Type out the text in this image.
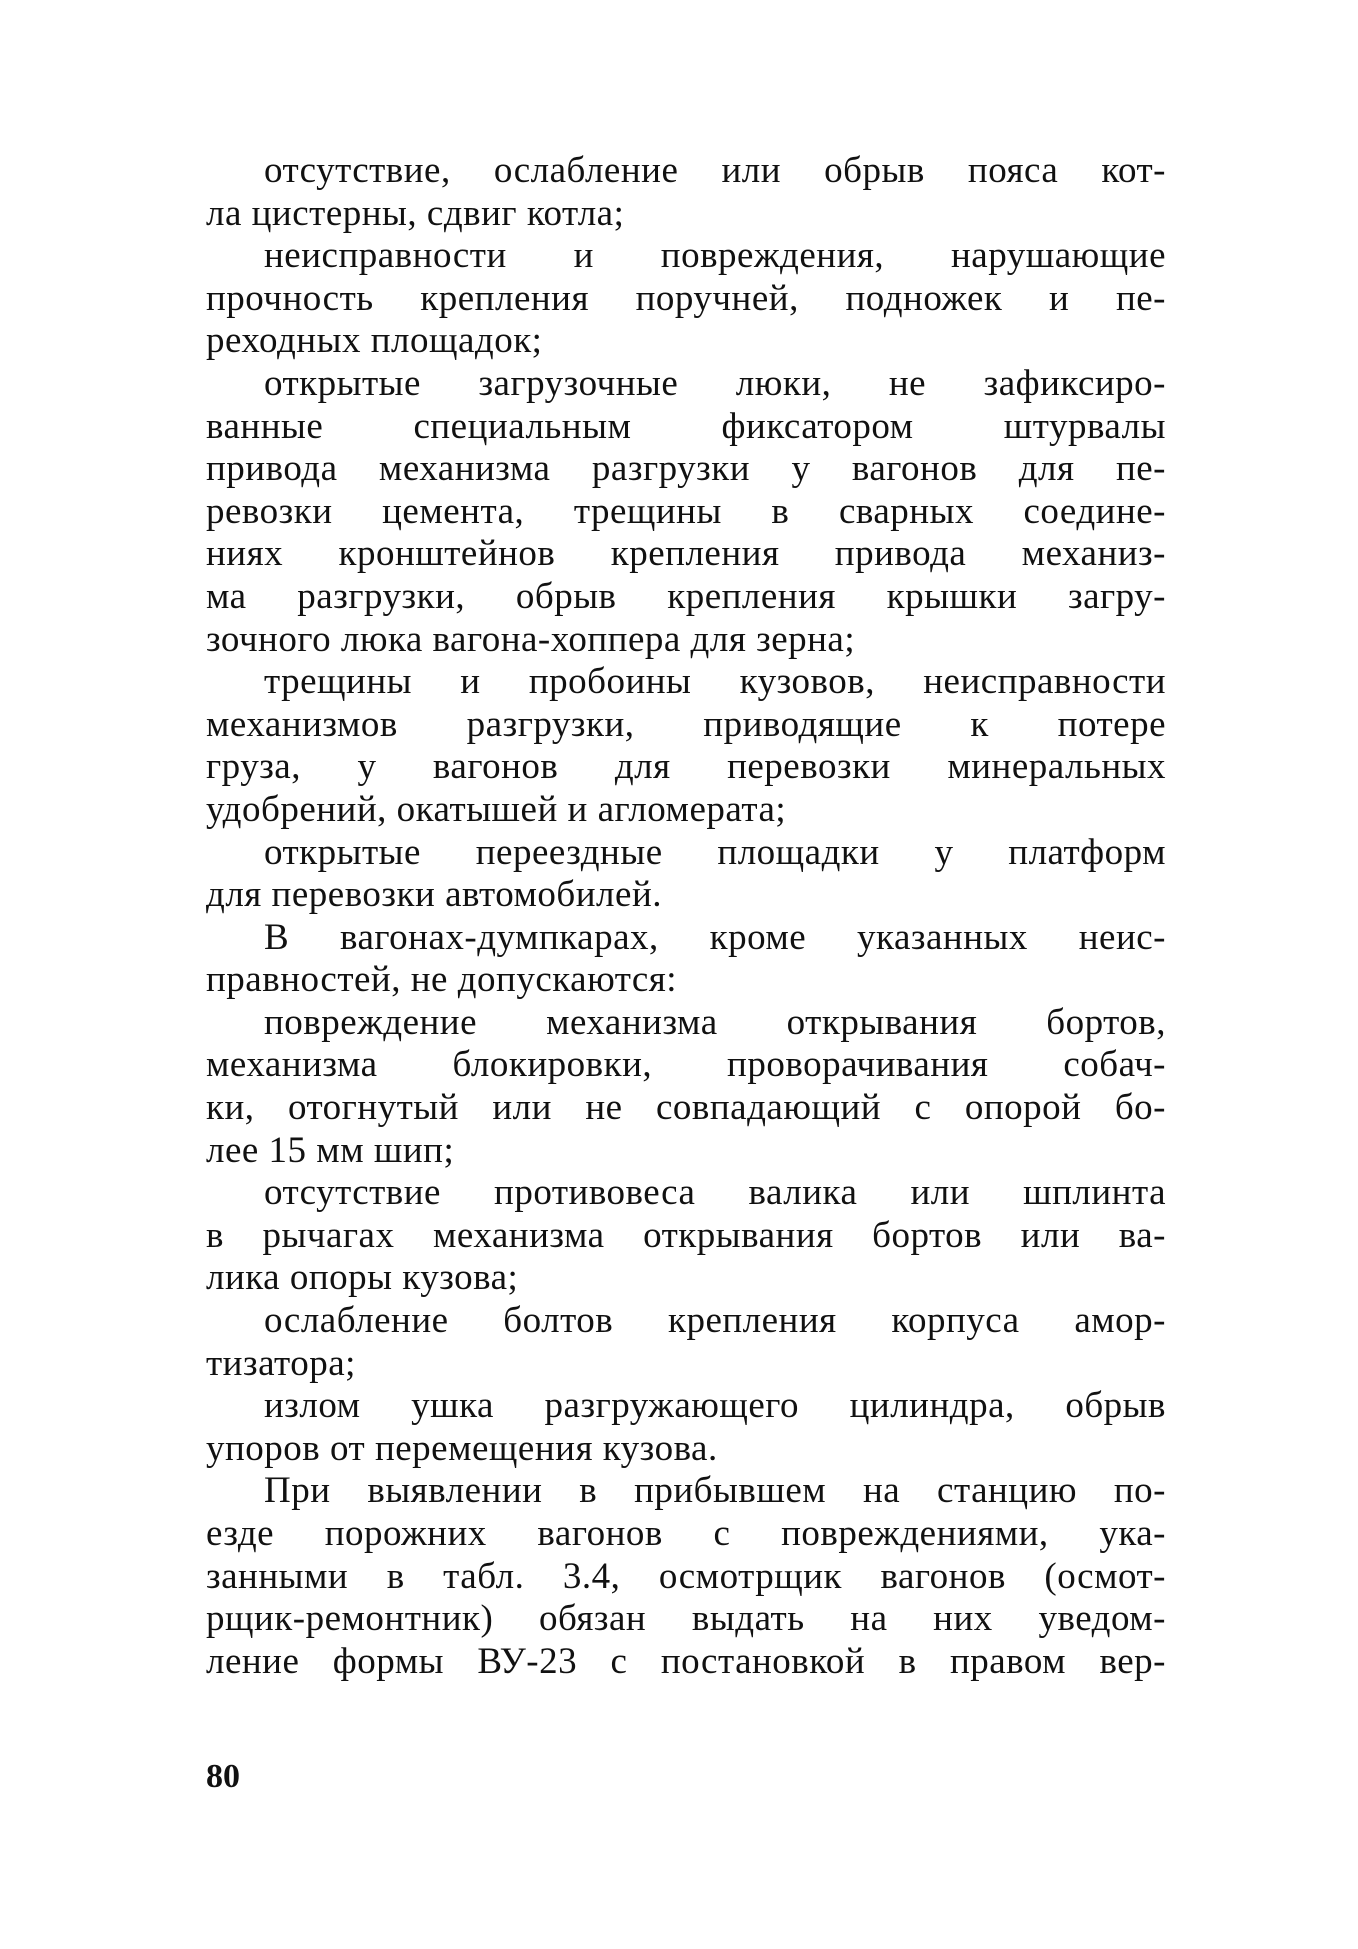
отсутствие, ослабление или обрыв пояса кот-
ла цистерны, сдвиг котла;
неисправности и повреждения, нарушающие
прочность крепления поручней, подножек и пе-
реходных площадок;
открытые загрузочные люки, не зафиксиро-
ванные специальным фиксатором штурвалы
привода механизма разгрузки у вагонов для пе-
ревозки цемента, трещины в сварных соедине-
ниях кронштейнов крепления привода механиз-
ма разгрузки, обрыв крепления крышки загру-
зочного люка вагона-хоппера для зерна;
трещины и пробоины кузовов, неисправности
механизмов разгрузки, приводящие к потере
груза, у вагонов для перевозки минеральных
удобрений, окатышей и агломерата;
открытые переездные площадки у платформ
для перевозки автомобилей.
В вагонах-думпкарах, кроме указанных неис-
правностей, не допускаются:
повреждение механизма открывания бортов,
механизма блокировки, проворачивания собач-
ки, отогнутый или не совпадающий с опорой бо-
лее 15 мм шип;
отсутствие противовеса валика или шплинта
в рычагах механизма открывания бортов или ва-
лика опоры кузова;
ослабление болтов крепления корпуса амор-
тизатора;
излом ушка разгружающего цилиндра, обрыв
упоров от перемещения кузова.
При выявлении в прибывшем на станцию по-
езде порожних вагонов с повреждениями, ука-
занными в табл. 3.4, осмотрщик вагонов (осмот-
рщик-ремонтник) обязан выдать на них уведом-
ление формы ВУ-23 с постановкой в правом вер-
80
